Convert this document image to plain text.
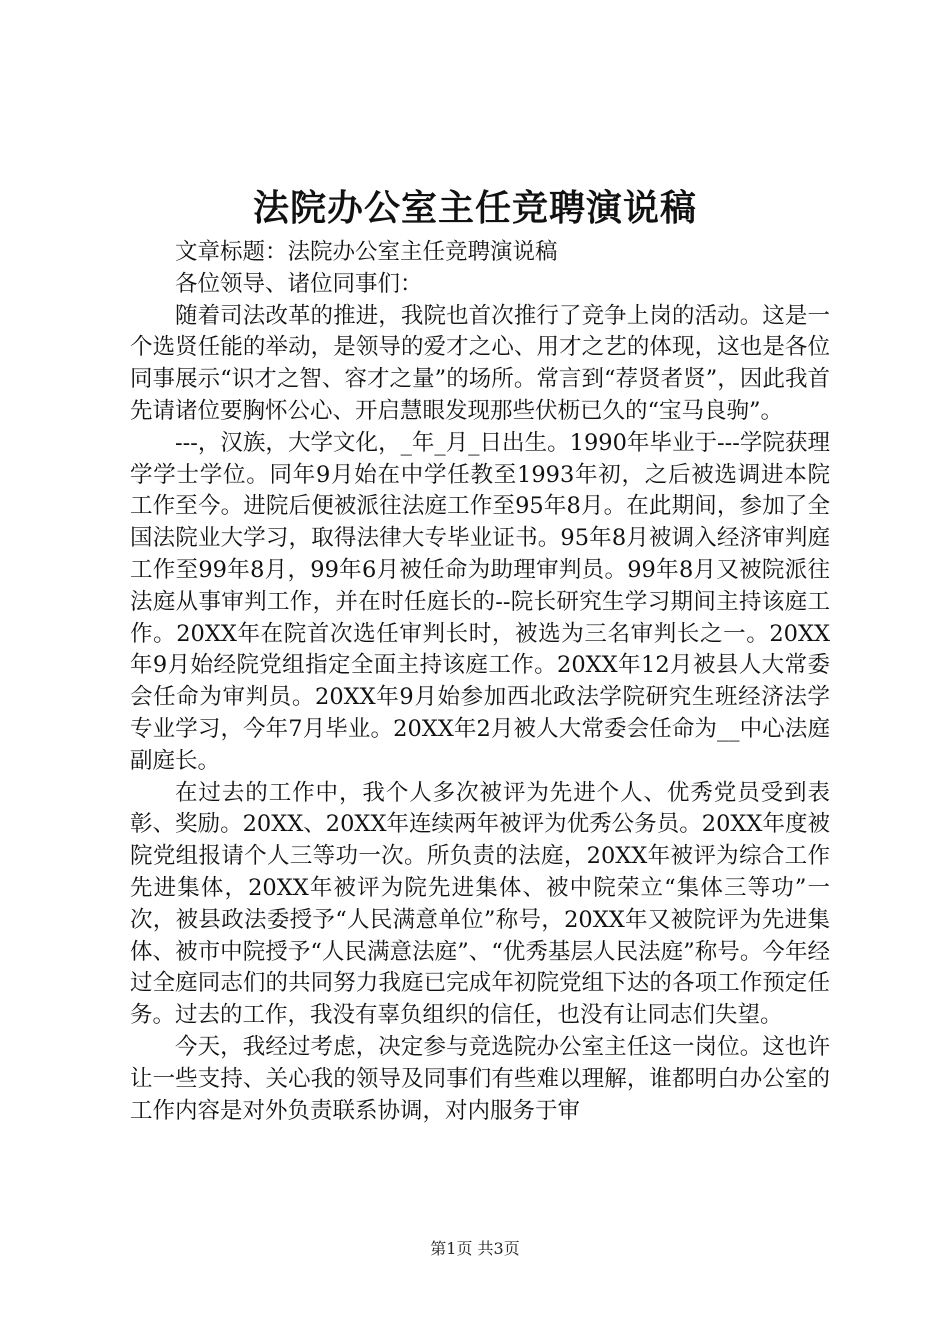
法院办公室主任竞聘演说稿

文章标题：法院办公室主任竞聘演说稿

各位领导、诸位同事们：

随着司法改革的推进，我院也首次推行了竞争上岗的活动。这是一个选贤任能的举动，是领导的爱才之心、用才之艺的体现，这也是各位同事展示“识才之智、容才之量”的场所。常言到“荐贤者贤”，因此我首先请诸位要胸怀公心、开启慧眼发现那些伏枥已久的“宝马良驹”。

---，汉族，大学文化，_年_月_日出生。1990年毕业于---学院获理学学士学位。同年9月始在中学任教至1993年初，之后被选调进本院工作至今。进院后便被派往法庭工作至95年8月。在此期间，参加了全国法院业大学习，取得法律大专毕业证书。95年8月被调入经济审判庭工作至99年8月，99年6月被任命为助理审判员。99年8月又被院派往法庭从事审判工作，并在时任庭长的--院长研究生学习期间主持该庭工作。20XX年在院首次选任审判长时，被选为三名审判长之一。20XX年9月始经院党组指定全面主持该庭工作。20XX年12月被县人大常委会任命为审判员。20XX年9月始参加西北政法学院研究生班经济法学专业学习，今年7月毕业。20XX年2月被人大常委会任命为__中心法庭副庭长。

在过去的工作中，我个人多次被评为先进个人、优秀党员受到表彰、奖励。20XX、20XX年连续两年被评为优秀公务员。20XX年度被院党组报请个人三等功一次。所负责的法庭，20XX年被评为综合工作先进集体，20XX年被评为院先进集体、被中院荣立“集体三等功”一次，被县政法委授予“人民满意单位”称号，20XX年又被院评为先进集体、被市中院授予“人民满意法庭”、“优秀基层人民法庭”称号。今年经过全庭同志们的共同努力我庭已完成年初院党组下达的各项工作预定任务。过去的工作，我没有辜负组织的信任，也没有让同志们失望。

今天，我经过考虑，决定参与竞选院办公室主任这一岗位。这也许让一些支持、关心我的领导及同事们有些难以理解，谁都明白办公室的工作内容是对外负责联系协调，对内服务于审

第1页 共3页
